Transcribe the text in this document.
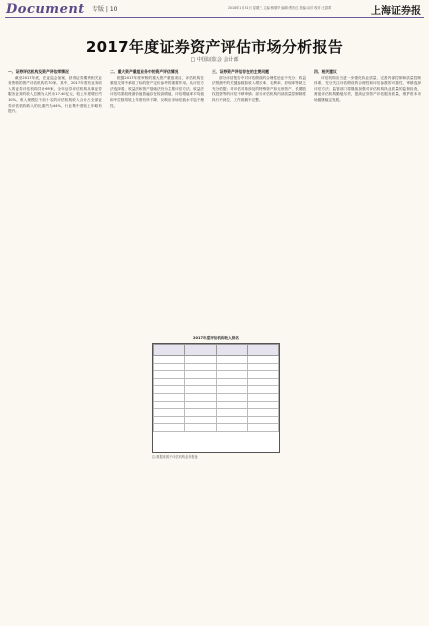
Document 专版 | 10	2018年1月31日 星期三 主编:熊德华 编辑:贾庆红 美编:余洋 校对:王碧菁	上海证券报
2017年度证券资产评估市场分析报告
□ 中国证监会 会计部
一、证券评估机构及资产评估师情况

截至2017年底，在证监会备案、获得证券期货相关业务资格的资产评估机构共70家。其中，2017年度有业务收入的证券评估机构共计69家。全年证券评估机构从事证券服务业务的收入总额为人民币17.40亿元，较上年度增长约10%。收入规模位于前十名的评估机构收入合计占全部证券评估机构收入的比重约为44%，行业集中度较上年略有提升。

二、重大资产重组业务中的资产评估情况

根据2017年度审核的重大资产重组项目，评估机构在重组交易中承担了标的资产定价参考的重要作用。从评估方法选择看，收益法和资产基础法仍为主要评估方法。收益法评估结果较账面价值普遍存在较高增值，评估增值率平均值和中位数均较上年度有所下降，反映出市场估值水平趋于理性。

三、证券资产评估存在的主要问题

部分评估报告中对评估假设的合理性论证不充分；收益法预测中的关键参数如收入增长率、毛利率、折现率等缺乏充分依据；对评估对象涉及的特殊资产如无形资产、长期股权投资等的评估不够审慎；部分评估机构内部质量控制制度执行不到位，工作底稿不完整。

四、相关建议

评估机构应当进一步强化执业质量，完善内部控制和质量控制体系，充分关注评估假设的合理性和评估参数的可靠性，审慎选择评估方法；监管部门将继续加强对评估机构执业质量的监督检查，督促评估机构勤勉尽责，提高证券资产评估服务质量，维护资本市场健康稳定发展。

2017年度评估机构收入排名

注:数据来源于评估机构业务报备
